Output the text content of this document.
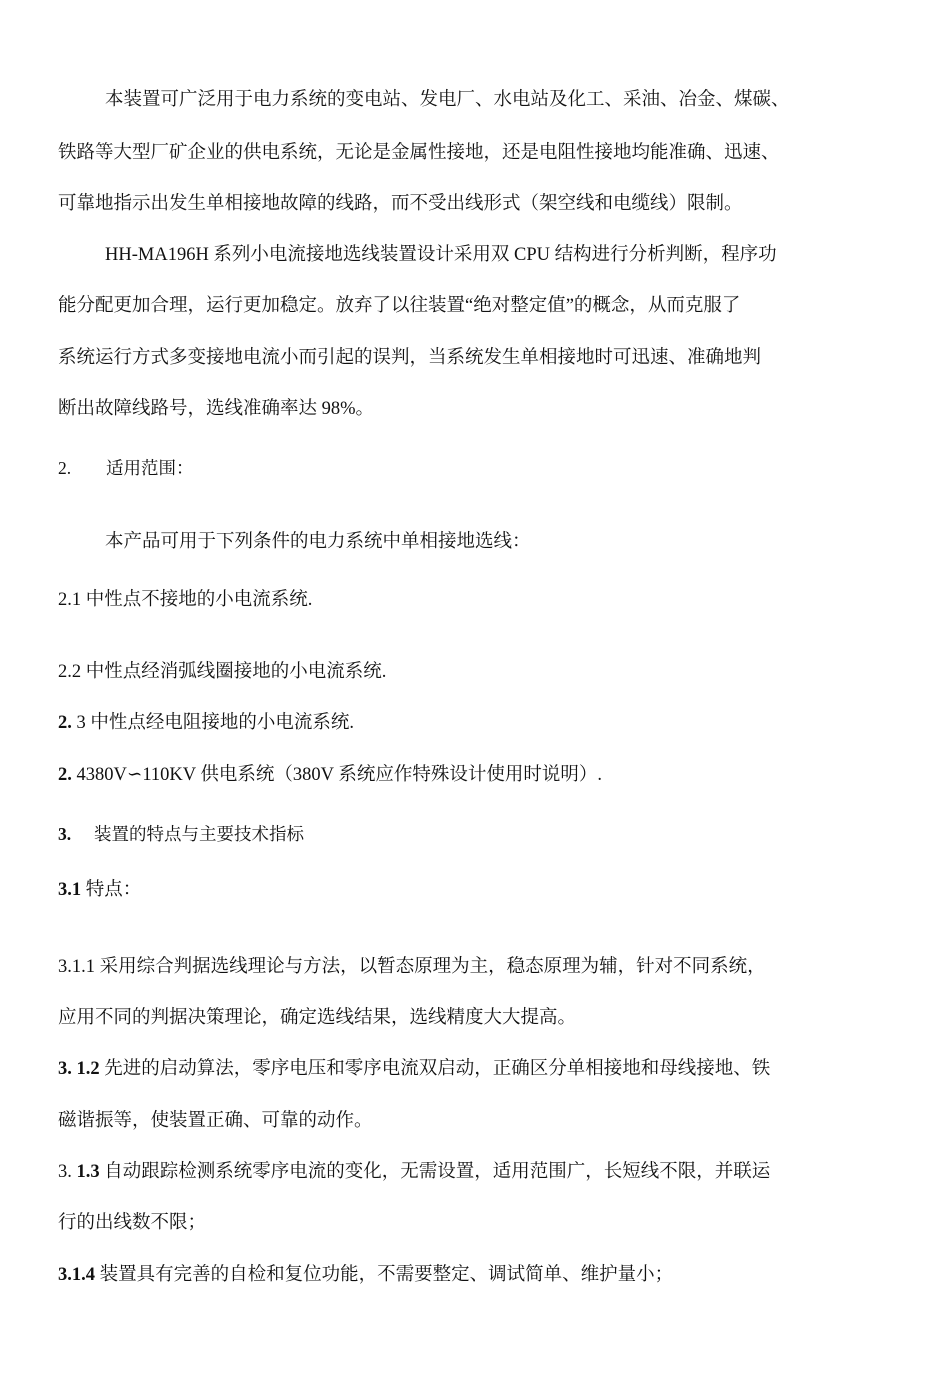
本装置可广泛用于电力系统的变电站、发电厂、水电站及化工、采油、冶金、煤碳、
铁路等大型厂矿企业的供电系统，无论是金属性接地，还是电阻性接地均能准确、迅速、
可靠地指示出发生单相接地故障的线路，而不受出线形式（架空线和电缆线）限制。
HH-MA196H 系列小电流接地选线装置设计采用双 CPU 结构进行分析判断，程序功
能分配更加合理，运行更加稳定。放弃了以往装置“绝对整定值”的概念，从而克服了
系统运行方式多变接地电流小而引起的误判，当系统发生单相接地时可迅速、准确地判
断出故障线路号，选线准确率达 98%。
2. 适用范围：
本产品可用于下列条件的电力系统中单相接地选线：
2.1 中性点不接地的小电流系统.
2.2 中性点经消弧线圈接地的小电流系统.
2. 3 中性点经电阻接地的小电流系统.
2. 4380V∽110KV 供电系统（380V 系统应作特殊设计使用时说明）.
3. 装置的特点与主要技术指标
3.1 特点：
3.1.1 采用综合判据选线理论与方法，以暂态原理为主，稳态原理为辅，针对不同系统，
应用不同的判据决策理论，确定选线结果，选线精度大大提高。
3. 1.2 先进的启动算法，零序电压和零序电流双启动，正确区分单相接地和母线接地、铁
磁谐振等，使装置正确、可靠的动作。
3. 1.3 自动跟踪检测系统零序电流的变化，无需设置，适用范围广，长短线不限，并联运
行的出线数不限；
3.1.4 装置具有完善的自检和复位功能，不需要整定、调试简单、维护量小；
